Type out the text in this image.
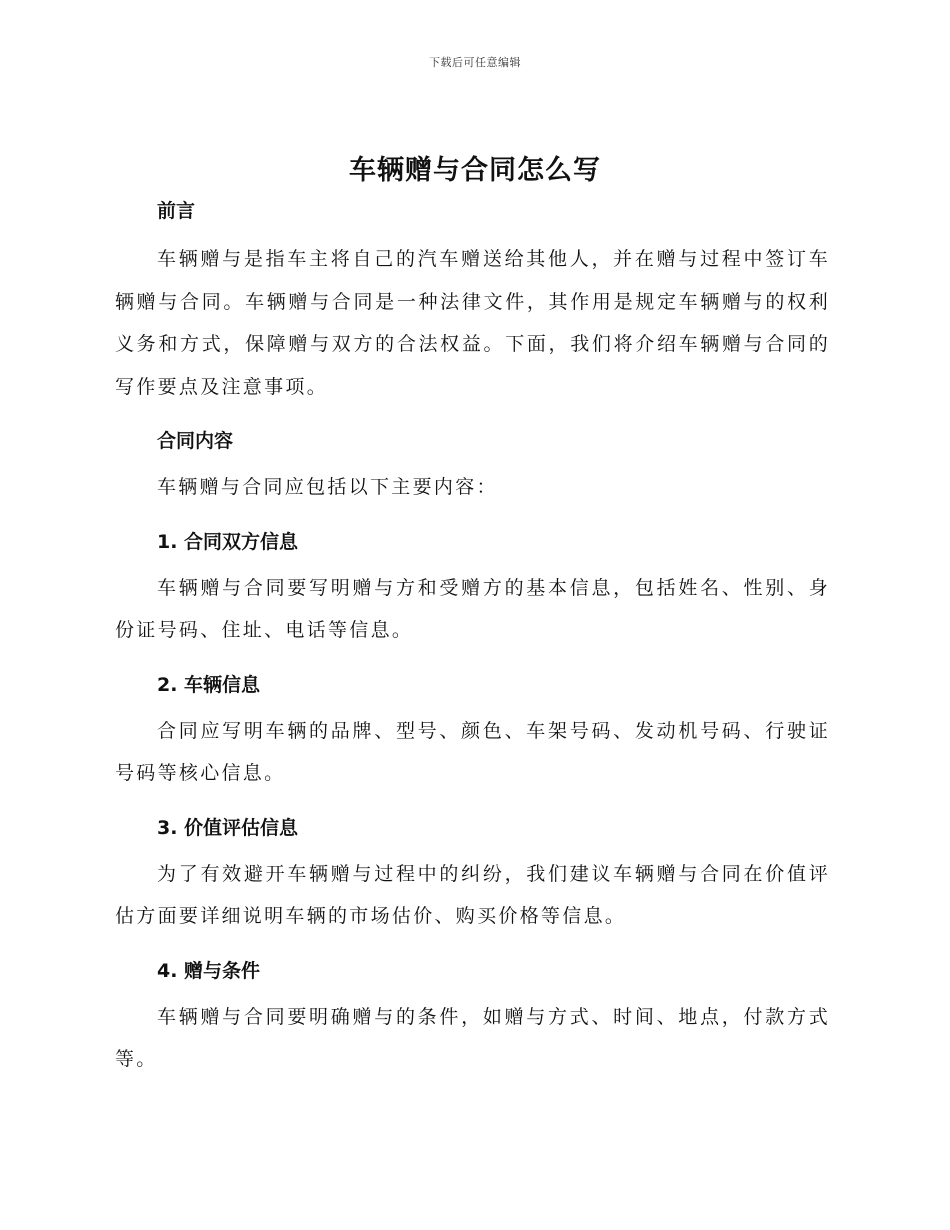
下载后可任意编辑
车辆赠与合同怎么写
前言

车辆赠与是指车主将自己的汽车赠送给其他人，并在赠与过程中签订车辆赠与合同。车辆赠与合同是一种法律文件，其作用是规定车辆赠与的权利义务和方式，保障赠与双方的合法权益。下面，我们将介绍车辆赠与合同的写作要点及注意事项。

合同内容

车辆赠与合同应包括以下主要内容：

1. 合同双方信息

车辆赠与合同要写明赠与方和受赠方的基本信息，包括姓名、性别、身份证号码、住址、电话等信息。

2. 车辆信息

合同应写明车辆的品牌、型号、颜色、车架号码、发动机号码、行驶证号码等核心信息。

3. 价值评估信息

为了有效避开车辆赠与过程中的纠纷，我们建议车辆赠与合同在价值评估方面要详细说明车辆的市场估价、购买价格等信息。

4. 赠与条件

车辆赠与合同要明确赠与的条件，如赠与方式、时间、地点，付款方式等。
